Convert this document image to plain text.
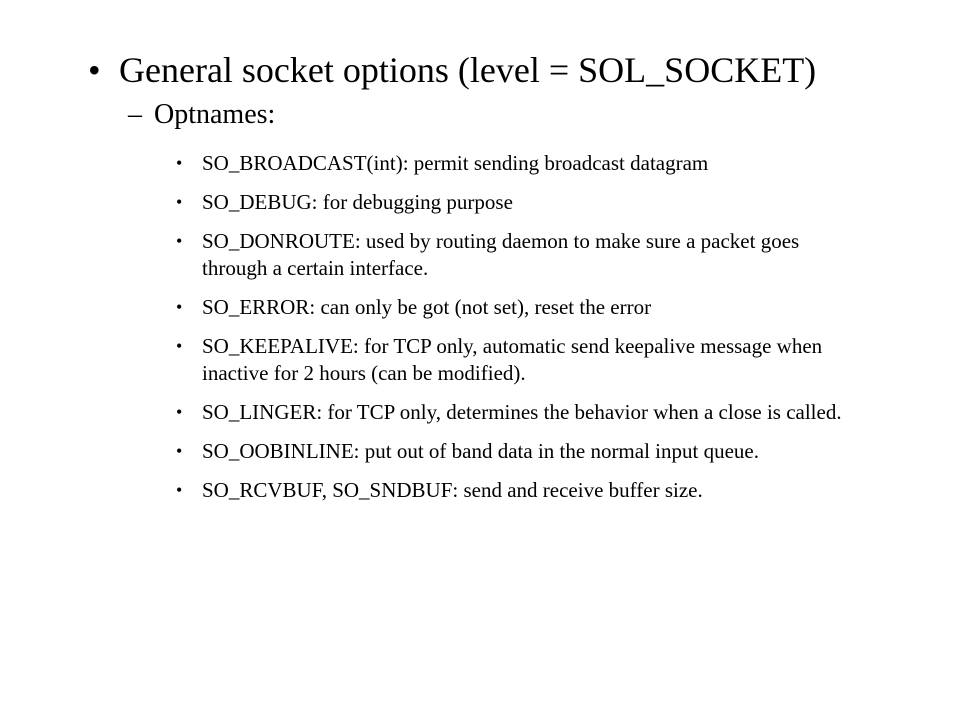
• General socket options (level = SOL_SOCKET)
– Optnames:
• SO_BROADCAST(int): permit sending broadcast datagram
• SO_DEBUG: for debugging purpose
• SO_DONROUTE: used by routing daemon to make sure a packet goes through a certain interface.
• SO_ERROR: can only be got (not set), reset the error
• SO_KEEPALIVE: for TCP only, automatic send keepalive message when inactive for 2 hours (can be modified).
• SO_LINGER: for TCP only, determines the behavior when a close is called.
• SO_OOBINLINE: put out of band data in the normal input queue.
• SO_RCVBUF, SO_SNDBUF: send and receive buffer size.
